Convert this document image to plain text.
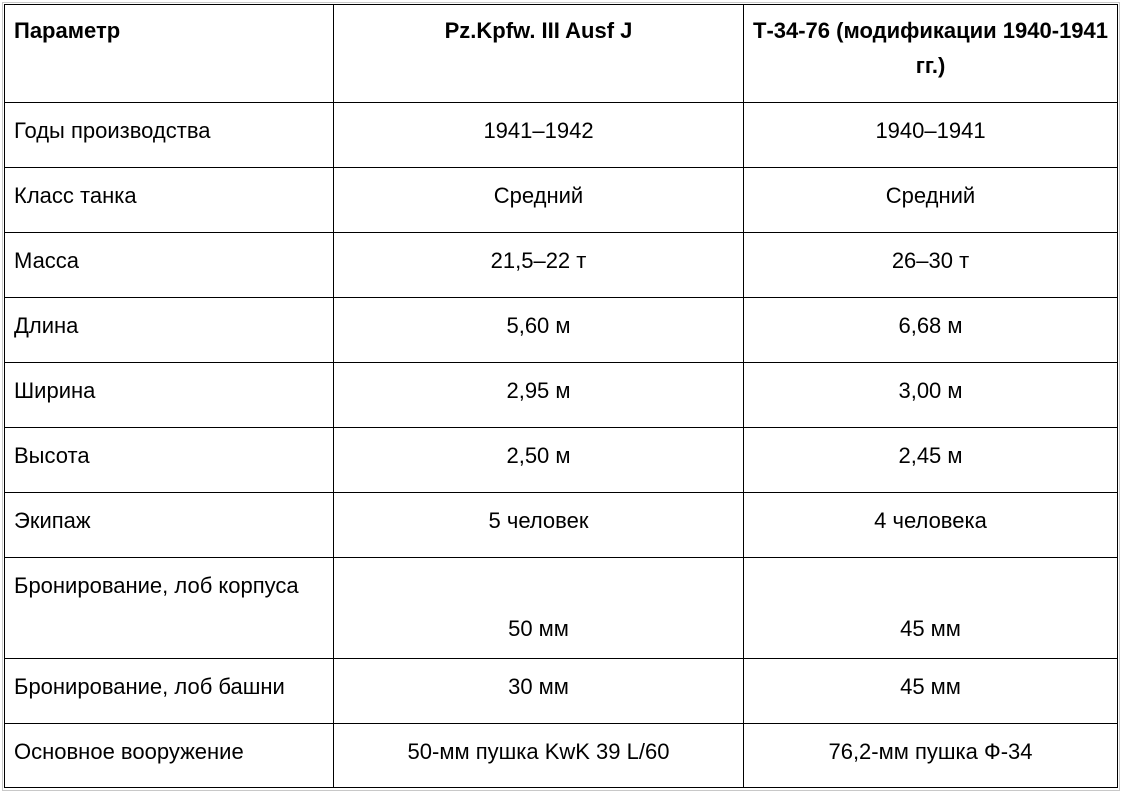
Параметр	Pz.Kpfw. III Ausf J	Т-34-76 (модификации 1940-1941 гг.)
Годы производства	1941–1942	1940–1941
Класс танка	Средний	Средний
Масса	21,5–22 т	26–30 т
Длина	5,60 м	6,68 м
Ширина	2,95 м	3,00 м
Высота	2,50 м	2,45 м
Экипаж	5 человек	4 человека
Бронирование, лоб корпуса	50 мм	45 мм
Бронирование, лоб башни	30 мм	45 мм
Основное вооружение	50-мм пушка KwK 39 L/60	76,2-мм пушка Ф-34
